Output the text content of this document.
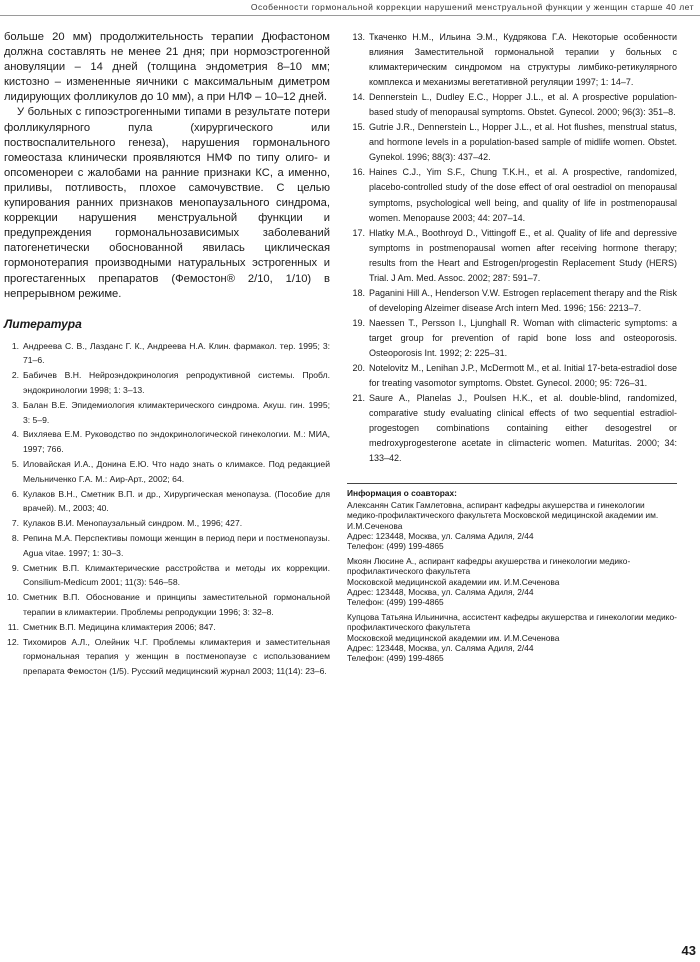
Особенности гормональной коррекции нарушений менструальной функции у женщин старше 40 лет

больше 20 мм) продолжительность терапии Дюфастоном должна составлять не менее 21 дня; при нормоэстрогенной ановуляции – 14 дней (толщина эндометрия 8–10 мм; кистозно – измененные яичники с максимальным диметром лидирующих фолликулов до 10 мм), а при НЛФ – 10–12 дней.

У больных с гипоэстрогенными типами в результате потери фолликулярного пула (хирургического или поствоспалительного генеза), нарушения гормонального гомеостаза клинически проявляются НМФ по типу олиго- и опсоменореи с жалобами на ранние признаки КС, а именно, приливы, потливость, плохое самочувствие. С целью купирования ранних признаков менопаузального синдрома, коррекции нарушения менструальной функции и предупреждения гормональнозависимых заболеваний патогенетически обоснованной явилась циклическая гормонотерапия производными натуральных эстрогенных и прогестагенных препаратов (Фемостон® 2/10, 1/10) в непрерывном режиме.

Литература
1. Андреева С. В., Лазданс Г. К., Андреева Н.А. Клин. фармакол. тер. 1995; 3: 71–6.
2. Бабичев В.Н. Нейроэндокринология репродуктивной системы. Пробл. эндокринологии 1998; 1: 3–13.
3. Балан В.Е. Эпидемиология климактерического синдрома. Акуш. гин. 1995; 3: 5–9.
4. Вихляева Е.М. Руководство по эндокринологической гинекологии. М.: МИА, 1997; 766.
5. Иловайская И.А., Донина Е.Ю. Что надо знать о климаксе. Под редакцией Мельниченко Г.А. М.: Аир-Арт., 2002; 64.
6. Кулаков В.Н., Сметник В.П. и др., Хирургическая менопауза. (Пособие для врачей). М., 2003; 40.
7. Кулаков В.И. Менопаузальный синдром. М., 1996; 427.
8. Репина М.А. Перспективы помощи женщин в период пери и постменопаузы. Agua vitae. 1997; 1: 30–3.
9. Сметник В.П. Климактерические расстройства и методы их коррекции. Consilium-Medicum 2001; 11(3): 546–58.
10. Сметник В.П. Обоснование и принципы заместительной гормональной терапии в климактерии. Проблемы репродукции 1996; 3: 32–8.
11. Сметник В.П. Медицина климактерия 2006; 847.
12. Тихомиров А.Л., Олейник Ч.Г. Проблемы климактерия и заместительная гормональная терапия у женщин в постменопаузе с использованием препарата Фемостон (1/5). Русский медицинский журнал 2003; 11(14): 23–6.
13. Ткаченко Н.М., Ильина Э.М., Кудрякова Г.А. Некоторые особенности влияния Заместительной гормональной терапии у больных с климактерическим синдромом на структуры лимбико-ретикулярного комплекса и механизмы вегетативной регуляции 1997; 1: 14–7.
14. Dennerstein L., Dudley E.C., Hopper J.L., et al. A prospective population-based study of menopausal symptoms. Obstet. Gynecol. 2000; 96(3): 351–8.
15. Gutrie J.R., Dennerstein L., Hopper J.L., et al. Hot flushes, menstrual status, and hormone levels in a population-based sample of midlife women. Obstet. Gynekol. 1996; 88(3): 437–42.
16. Haines C.J., Yim S.F., Chung T.K.H., et al. A prospective, randomized, placebo-controlled study of the dose effect of oral oestradiol on menopausal symptoms, psychological well being, and quality of life in postmenopausal women. Menopause 2003; 44: 207–14.
17. Hlatky M.A., Boothroyd D., Vittingoff E., et al. Quality of life and depressive symptoms in postmenopausal women after receiving hormone therapy; results from the Heart and Estrogen/progestin Replacement Study (HERS) Trial. J Am. Med. Assoc. 2002; 287: 591–7.
18. Paganini Hill A., Henderson V.W. Estrogen replacement therapy and the Risk of developing Alzeimer disease Arch intern Med. 1996; 156: 2213–7.
19. Naessen T., Persson I., Ljunghall R. Woman with climacteric symptoms: a target group for prevention of rapid bone loss and osteoporosis. Osteoporosis Int. 1992; 2: 225–31.
20. Notelovitz M., Lenihan J.P., McDermott M., et al. Initial 17-beta-estradiol dose for treating vasomotor symptoms. Obstet. Gynecol. 2000; 95: 726–31.
21. Saure A., Planelas J., Poulsen H.K., et al. double-blind, randomized, comparative study evaluating clinical effects of two sequential estradiol-progestogen combinations containing either desogestrel or medroxyprogesterone acetate in climacteric women. Maturitas. 2000; 34: 133–42.
Информация о соавторах:
Алексанян Сатик Гамлетовна, аспирант кафедры акушерства и гинекологии медико-профилактического факультета Московской медицинской академии им. И.М.Сеченова
Адрес: 123448, Москва, ул. Саляма Адиля, 2/44
Телефон: (499) 199-4865
Мкоян Люсине А., аспирант кафедры акушерства и гинекологии медико-профилактического факультета
Московской медицинской академии им. И.М.Сеченова
Адрес: 123448, Москва, ул. Саляма Адиля, 2/44
Телефон: (499) 199-4865
Купцова Татьяна Ильинична, ассистент кафедры акушерства и гинекологии медико-профилактического факультета
Московской медицинской академии им. И.М.Сеченова
Адрес: 123448, Москва, ул. Саляма Адиля, 2/44
Телефон: (499) 199-4865
43
